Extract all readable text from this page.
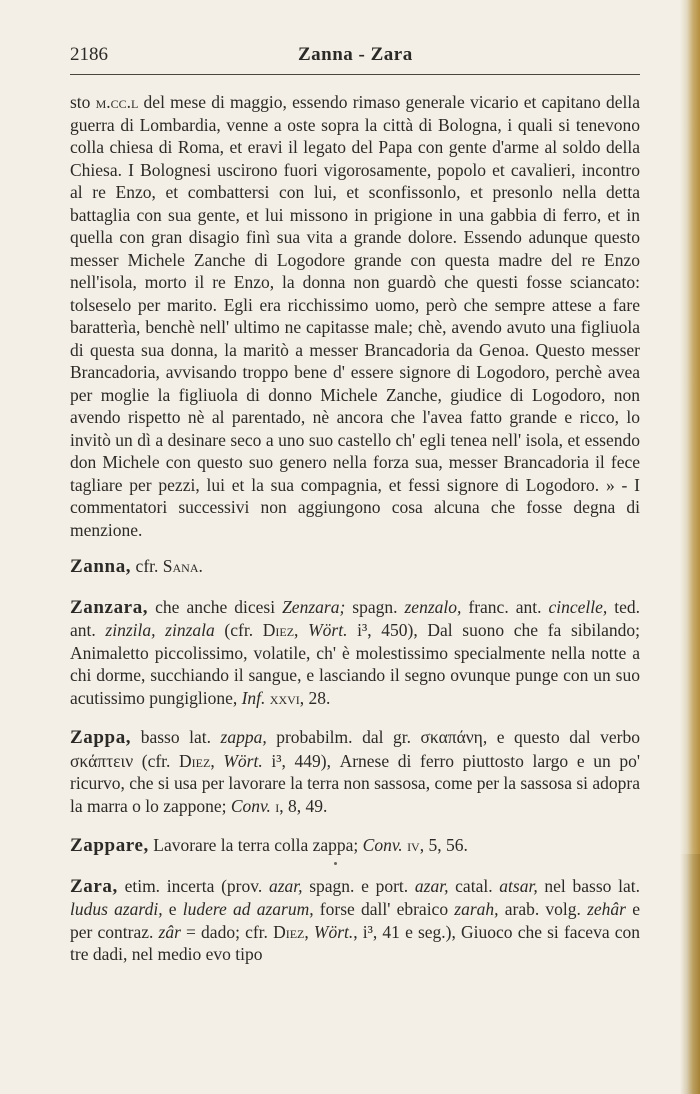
2186	Zanna - Zara

sto m.cc.l del mese di maggio, essendo rimaso generale vicario et capitano della guerra di Lombardia, venne a oste sopra la città di Bologna, i quali si tenevono colla chiesa di Roma, et eravi il legato del Papa con gente d'arme al soldo della Chiesa. I Bolognesi uscirono fuori vigorosamente, popolo et cavalieri, incontro al re Enzo, et combattersi con lui, et sconfissonlo, et presonlo nella detta battaglia con sua gente, et lui missono in prigione in una gabbia di ferro, et in quella con gran disagio finì sua vita a grande dolore. Essendo adunque questo messer Michele Zanche di Logodore grande con questa madre del re Enzo nell'isola, morto il re Enzo, la donna non guardò che questi fosse sciancato: tolseselo per marito. Egli era ricchissimo uomo, però che sempre attese a fare baratterìa, benchè nell' ultimo ne capitasse male; chè, avendo avuto una figliuola di questa sua donna, la maritò a messer Brancadoria da Genoa. Questo messer Brancadoria, avvisando troppo bene d' essere signore di Logodoro, perchè avea per moglie la figliuola di donno Michele Zanche, giudice di Logodoro, non avendo rispetto nè al parentado, nè ancora che l'avea fatto grande e ricco, lo invitò un dì a desinare seco a uno suo castello ch' egli tenea nell' isola, et essendo don Michele con questo suo genero nella forza sua, messer Brancadoria il fece tagliare per pezzi, lui et la sua compagnia, et fessi signore di Logodoro. » - I commentatori successivi non aggiungono cosa alcuna che fosse degna di menzione.

Zanna, cfr. Sana.

Zanzara, che anche dicesi Zenzara; spagn. zenzalo, franc. ant. cincelle, ted. ant. zinzila, zinzala (cfr. Diez, Wört. i³, 450), Dal suono che fa sibilando; Animaletto piccolissimo, volatile, ch' è molestissimo specialmente nella notte a chi dorme, succhiando il sangue, e lasciando il segno ovunque punge con un suo acutissimo pungiglione, Inf. xxvi, 28.

Zappa, basso lat. zappa, probabilm. dal gr. σκαπάνη, e questo dal verbo σκάπτειν (cfr. Diez, Wört. i³, 449), Arnese di ferro piuttosto largo e un po' ricurvo, che si usa per lavorare la terra non sassosa, come per la sassosa si adopra la marra o lo zappone; Conv. i, 8, 49.

Zappare, Lavorare la terra colla zappa; Conv. iv, 5, 56.

Zara, etim. incerta (prov. azar, spagn. e port. azar, catal. atsar, nel basso lat. ludus azardi, e ludere ad azarum, forse dall' ebraico zarah, arab. volg. zehâr e per contraz. zâr = dado; cfr. Diez, Wört., i³, 41 e seg.), Giuoco che si faceva con tre dadi, nel medio evo tipo
